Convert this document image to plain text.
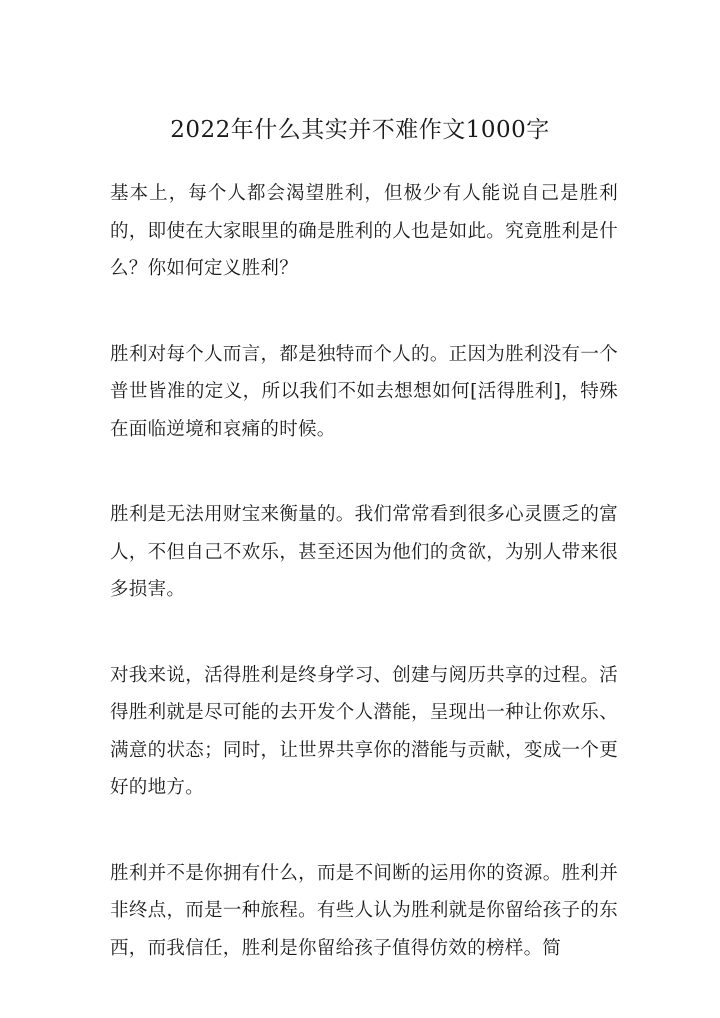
2022年什么其实并不难作文1000字

基本上，每个人都会渴望胜利，但极少有人能说自己是胜利的，即使在大家眼里的确是胜利的人也是如此。究竟胜利是什么？你如何定义胜利？

胜利对每个人而言，都是独特而个人的。正因为胜利没有一个普世皆准的定义，所以我们不如去想想如何[活得胜利]，特殊在面临逆境和哀痛的时候。

胜利是无法用财宝来衡量的。我们常常看到很多心灵匮乏的富人，不但自己不欢乐，甚至还因为他们的贪欲，为别人带来很多损害。

对我来说，活得胜利是终身学习、创建与阅历共享的过程。活得胜利就是尽可能的去开发个人潜能，呈现出一种让你欢乐、满意的状态；同时，让世界共享你的潜能与贡献，变成一个更好的地方。

胜利并不是你拥有什么，而是不间断的运用你的资源。胜利并非终点，而是一种旅程。有些人认为胜利就是你留给孩子的东西，而我信任，胜利是你留给孩子值得仿效的榜样。简
